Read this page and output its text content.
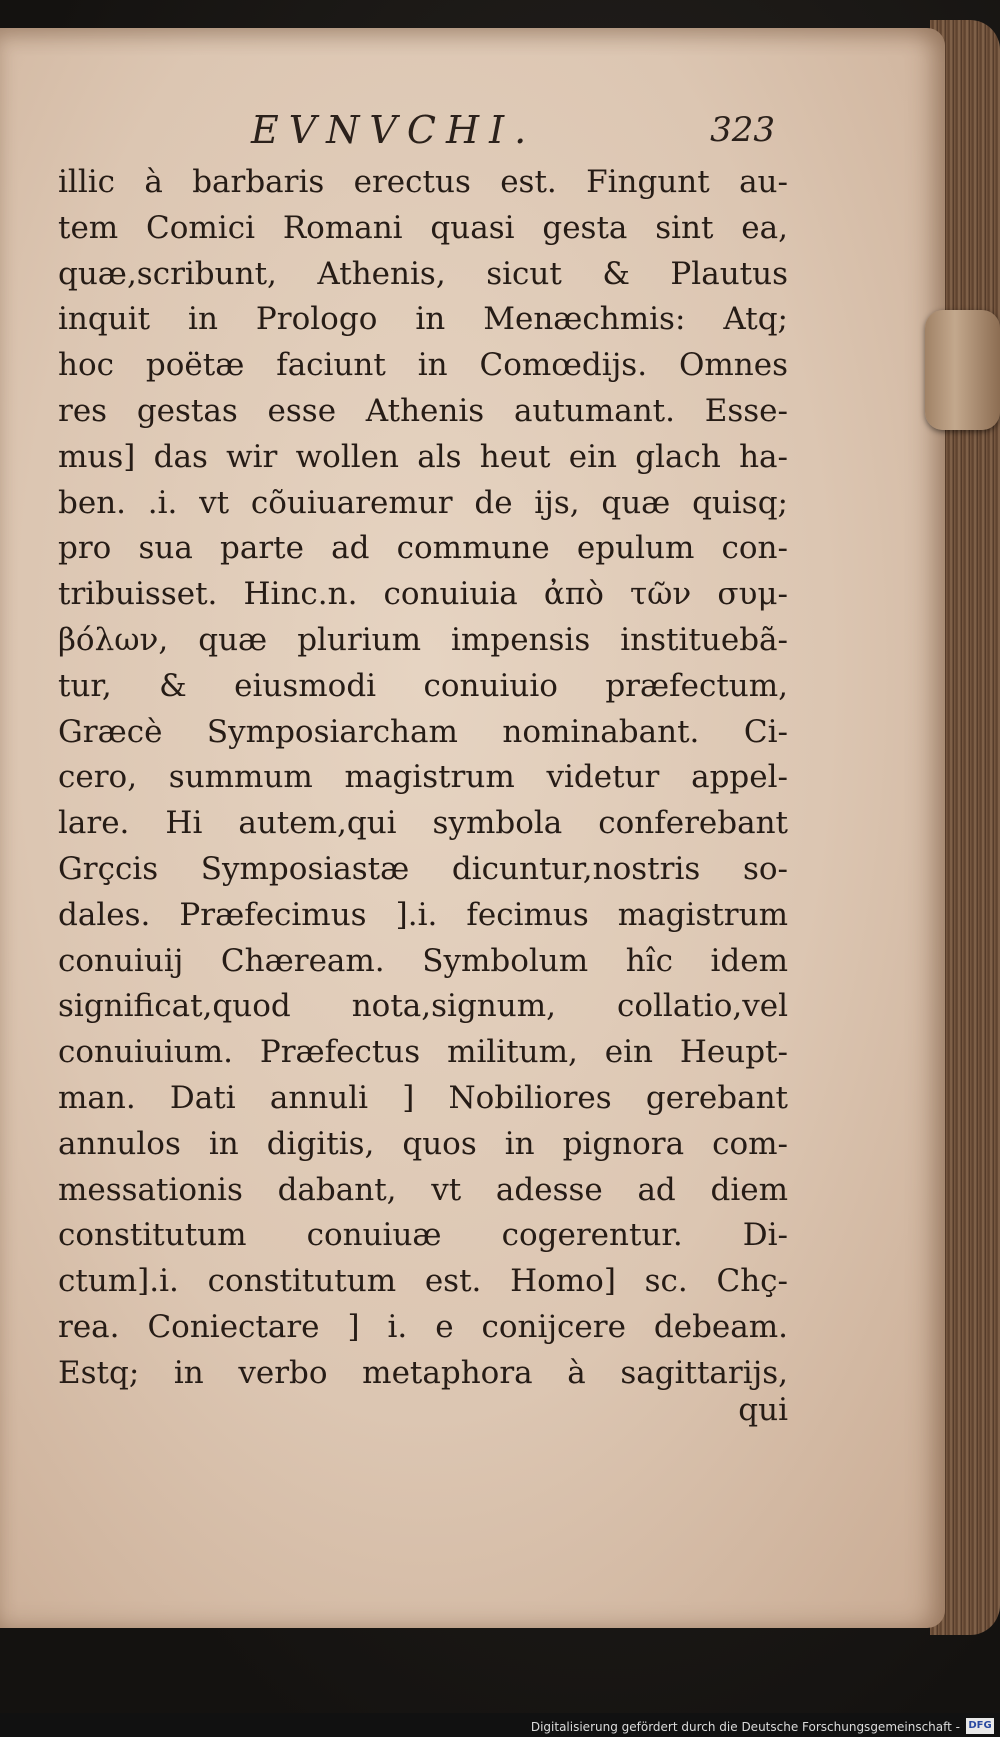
EVNVCHI.	323
illic à barbaris erectus est. Fingunt au-
tem Comici Romani quasi gesta sint ea,
quæ,scribunt, Athenis, sicut & Plautus
inquit in Prologo in Menæchmis: Atq;
hoc poëtæ faciunt in Comœdijs. Omnes
res gestas esse Athenis autumant. Esse-
mus] das wir wollen als heut ein glach ha-
ben. .i. vt cõuiuaremur de ijs, quæ quisq;
pro sua parte ad commune epulum con-
tribuisset. Hinc.n. conuiuia ἀπὸ τῶν συμ-
βόλων, quæ plurium impensis instituebã-
tur, & eiusmodi conuiuio præfectum,
Græcè Symposiarcham nominabant. Ci-
cero, summum magistrum videtur appel-
lare. Hi autem,qui symbola conferebant
Grçcis Symposiastæ dicuntur,nostris so-
dales. Præfecimus ].i. fecimus magistrum
conuiuij Chæream. Symbolum hîc idem
significat,quod nota,signum, collatio,vel
conuiuium. Præfectus militum, ein Heupt-
man. Dati annuli ] Nobiliores gerebant
annulos in digitis, quos in pignora com-
messationis dabant, vt adesse ad diem
constitutum conuiuæ cogerentur. Di-
ctum].i. constitutum est. Homo] sc. Chç-
rea. Coniectare ] i. e conijcere debeam.
Estq; in verbo metaphora à sagittarijs,
qui
Digitalisierung gefördert durch die Deutsche Forschungsgemeinschaft - DFG
